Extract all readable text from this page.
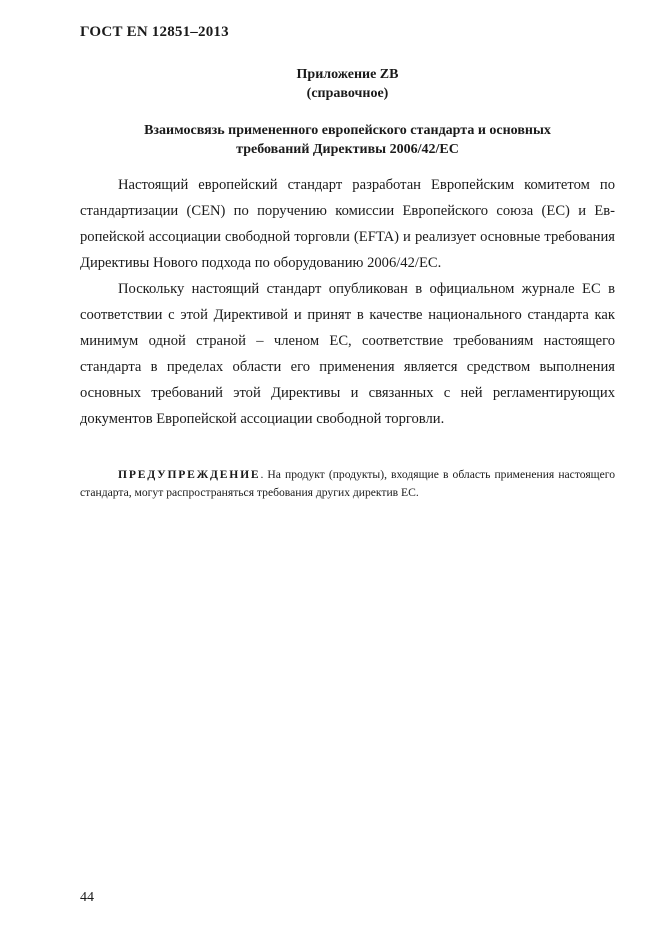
ГОСТ EN 12851–2013
Приложение ZB
(справочное)
Взаимосвязь примененного европейского стандарта и основных
требований Директивы 2006/42/ЕС

Настоящий европейский стандарт разработан Европейским комитетом по стандартизации (CEN) по поручению комиссии Европейского союза (ЕС) и Европейской ассоциации свободной торговли (EFTA) и реализует основные требования Директивы Нового подхода по оборудованию 2006/42/ЕС.

Поскольку настоящий стандарт опубликован в официальном журнале ЕС в соответствии с этой Директивой и принят в качестве национального стандарта как минимум одной страной – членом ЕС, соответствие требованиям настоящего стандарта в пределах области его применения является средством выполнения основных требований этой Директивы и связанных с ней регламентирующих документов Европейской ассоциации свободной торговли.

ПРЕДУПРЕЖДЕНИЕ. На продукт (продукты), входящие в область применения настоящего стандарта, могут распространяться требования других директив ЕС.
44
